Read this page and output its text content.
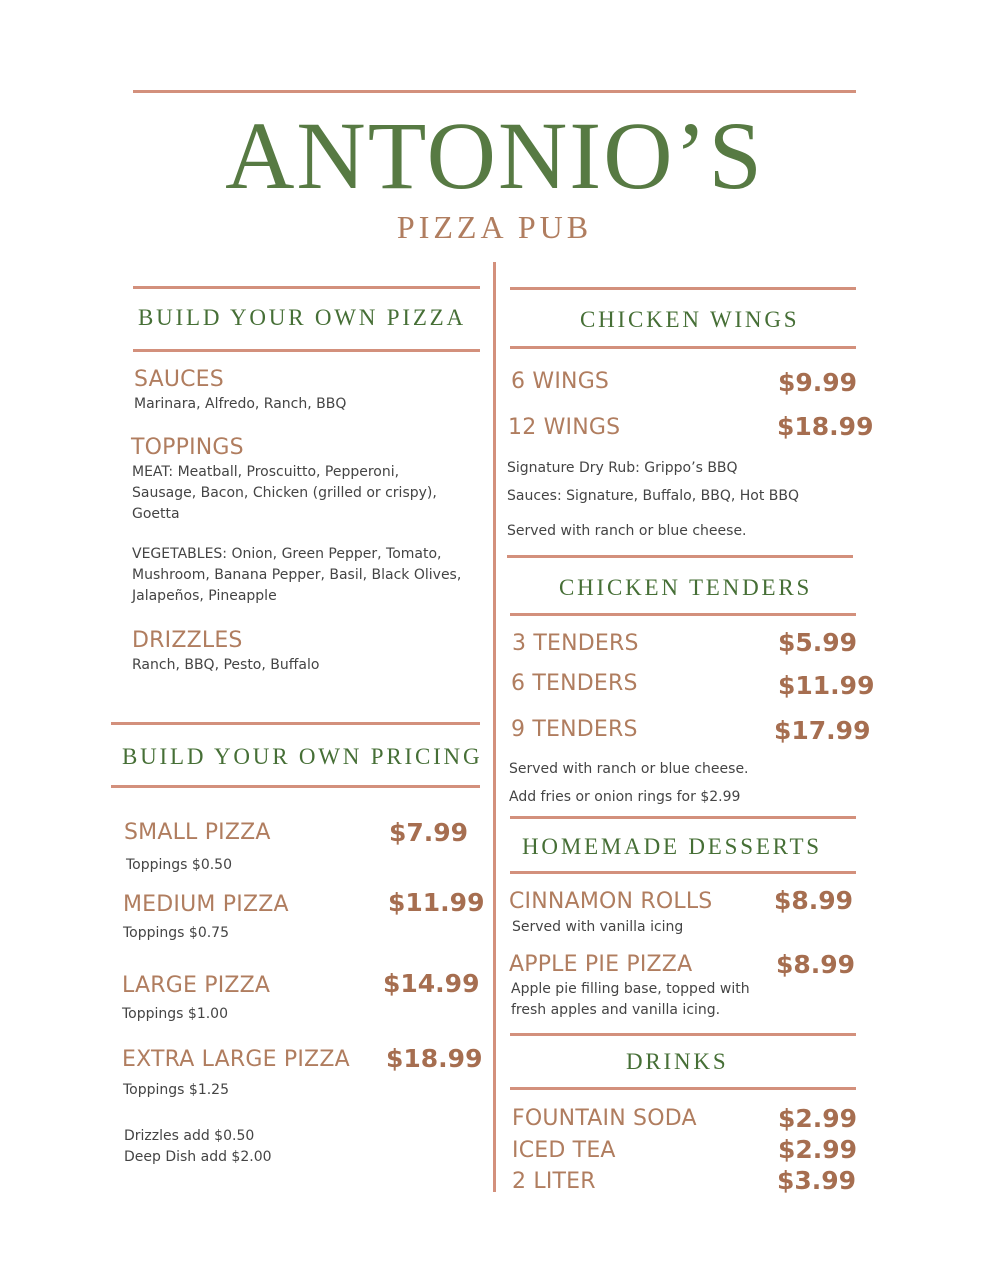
ANTONIO’S
PIZZA PUB
BUILD YOUR OWN PIZZA
SAUCES
Marinara, Alfredo, Ranch, BBQ
TOPPINGS
MEAT: Meatball, Proscuitto, Pepperoni,
Sausage, Bacon, Chicken (grilled or crispy),
Goetta
VEGETABLES: Onion, Green Pepper, Tomato,
Mushroom, Banana Pepper, Basil, Black Olives,
Jalapeños, Pineapple
DRIZZLES
Ranch, BBQ, Pesto, Buffalo
BUILD YOUR OWN PRICING
SMALL PIZZA	$7.99
Toppings $0.50
MEDIUM PIZZA	$11.99
Toppings $0.75
LARGE PIZZA	$14.99
Toppings $1.00
EXTRA LARGE PIZZA $18.99
Toppings $1.25
Drizzles add $0.50
Deep Dish add $2.00
CHICKEN WINGS
6 WINGS	$9.99
12 WINGS	$18.99
Signature Dry Rub: Grippo’s BBQ
Sauces: Signature, Buffalo, BBQ, Hot BBQ
Served with ranch or blue cheese.
CHICKEN TENDERS
3 TENDERS	$5.99
6 TENDERS	$11.99
9 TENDERS	$17.99
Served with ranch or blue cheese.
Add fries or onion rings for $2.99
HOMEMADE DESSERTS
CINNAMON ROLLS $8.99
Served with vanilla icing
APPLE PIE PIZZA	$8.99
Apple pie filling base, topped with
fresh apples and vanilla icing.
DRINKS
FOUNTAIN SODA	$2.99
ICED TEA	$2.99
2 LITER	$3.99
